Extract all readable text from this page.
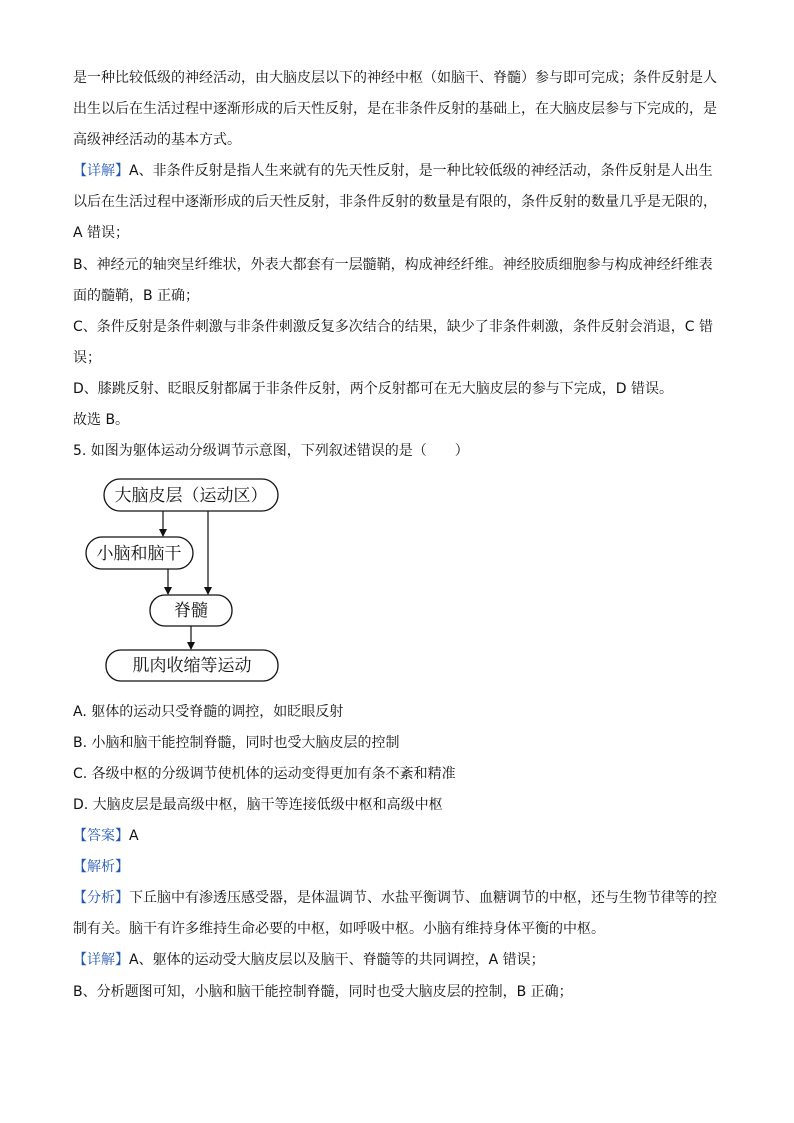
是一种比较低级的神经活动，由大脑皮层以下的神经中枢（如脑干、脊髓）参与即可完成；条件反射是人
出生以后在生活过程中逐渐形成的后天性反射，是在非条件反射的基础上，在大脑皮层参与下完成的，是
高级神经活动的基本方式。
【详解】A、非条件反射是指人生来就有的先天性反射，是一种比较低级的神经活动，条件反射是人出生
以后在生活过程中逐渐形成的后天性反射，非条件反射的数量是有限的，条件反射的数量几乎是无限的，
A 错误；
B、神经元的轴突呈纤维状，外表大都套有一层髓鞘，构成神经纤维。神经胶质细胞参与构成神经纤维表
面的髓鞘，B 正确；
C、条件反射是条件刺激与非条件刺激反复多次结合的结果，缺少了非条件刺激，条件反射会消退，C 错
误；
D、膝跳反射、眨眼反射都属于非条件反射，两个反射都可在无大脑皮层的参与下完成，D 错误。
故选 B。
5. 如图为躯体运动分级调节示意图，下列叙述错误的是（　　）
大脑皮层（运动区）
小脑和脑干
脊髓
肌肉收缩等运动
A. 躯体的运动只受脊髓的调控，如眨眼反射
B. 小脑和脑干能控制脊髓，同时也受大脑皮层的控制
C. 各级中枢的分级调节使机体的运动变得更加有条不紊和精准
D. 大脑皮层是最高级中枢，脑干等连接低级中枢和高级中枢
【答案】A
【解析】
【分析】下丘脑中有渗透压感受器，是体温调节、水盐平衡调节、血糖调节的中枢，还与生物节律等的控
制有关。脑干有许多维持生命必要的中枢，如呼吸中枢。小脑有维持身体平衡的中枢。
【详解】A、躯体的运动受大脑皮层以及脑干、脊髓等的共同调控，A 错误；
B、分析题图可知，小脑和脑干能控制脊髓，同时也受大脑皮层的控制，B 正确；
